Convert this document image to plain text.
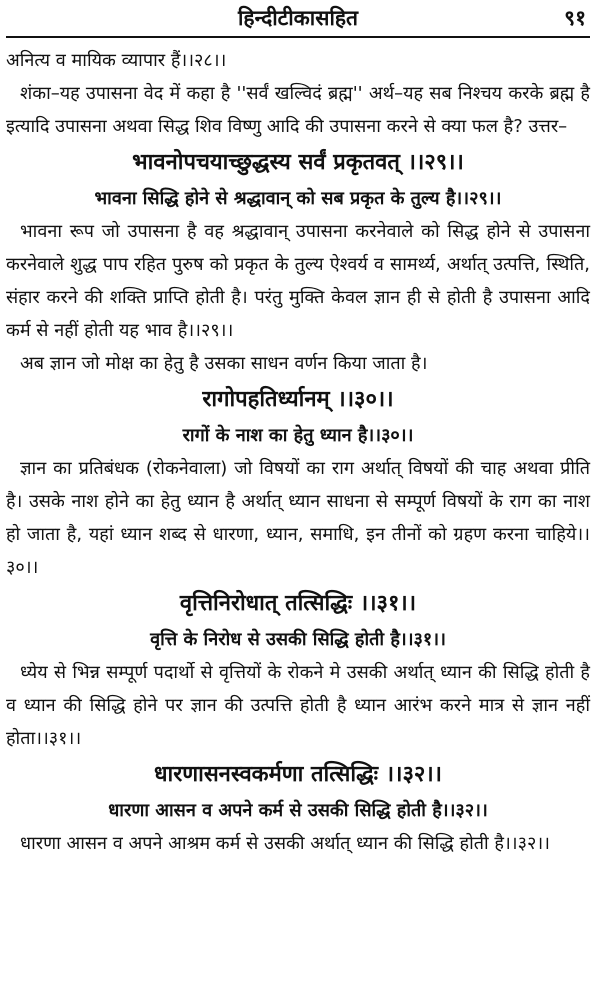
हिन्दीटीकासहित	९१

अनित्य व मायिक व्यापार हैं।।२८।।

शंका–यह उपासना वेद में कहा है ''सर्वं खल्विदं ब्रह्म'' अर्थ–यह सब निश्चय करके ब्रह्म है इत्यादि उपासना अथवा सिद्ध शिव विष्णु आदि की उपासना करने से क्या फल है? उत्तर–

भावनोपचयाच्छुद्धस्य सर्वं प्रकृतवत् ।।२९।।
भावना सिद्धि होने से श्रद्धावान् को सब प्रकृत के तुल्य है।।२९।।

भावना रूप जो उपासना है वह श्रद्धावान् उपासना करनेवाले को सिद्ध होने से उपासना करनेवाले शुद्ध पाप रहित पुरुष को प्रकृत के तुल्य ऐश्वर्य व सामर्थ्य, अर्थात् उत्पत्ति, स्थिति, संहार करने की शक्ति प्राप्ति होती है। परंतु मुक्ति केवल ज्ञान ही से होती है उपासना आदि कर्म से नहीं होती यह भाव है।।२९।।

अब ज्ञान जो मोक्ष का हेतु है उसका साधन वर्णन किया जाता है।

रागोपहतिर्ध्यानम् ।।३०।।
रागों के नाश का हेतु ध्यान है।।३०।।

ज्ञान का प्रतिबंधक (रोकनेवाला) जो विषयों का राग अर्थात् विषयों की चाह अथवा प्रीति है। उसके नाश होने का हेतु ध्यान है अर्थात् ध्यान साधना से सम्पूर्ण विषयों के राग का नाश हो जाता है, यहां ध्यान शब्द से धारणा, ध्यान, समाधि, इन तीनों को ग्रहण करना चाहिये।।३०।।

वृत्तिनिरोधात् तत्सिद्धिः ।।३१।।
वृत्ति के निरोध से उसकी सिद्धि होती है।।३१।।

ध्येय से भिन्न सम्पूर्ण पदार्थो से वृत्तियों के रोकने मे उसकी अर्थात् ध्यान की सिद्धि होती है व ध्यान की सिद्धि होने पर ज्ञान की उत्पत्ति होती है ध्यान आरंभ करने मात्र से ज्ञान नहीं होता।।३१।।

धारणासनस्वकर्मणा तत्सिद्धिः ।।३२।।
धारणा आसन व अपने कर्म से उसकी सिद्धि होती है।।३२।।

धारणा आसन व अपने आश्रम कर्म से उसकी अर्थात् ध्यान की सिद्धि होती है।।३२।।
